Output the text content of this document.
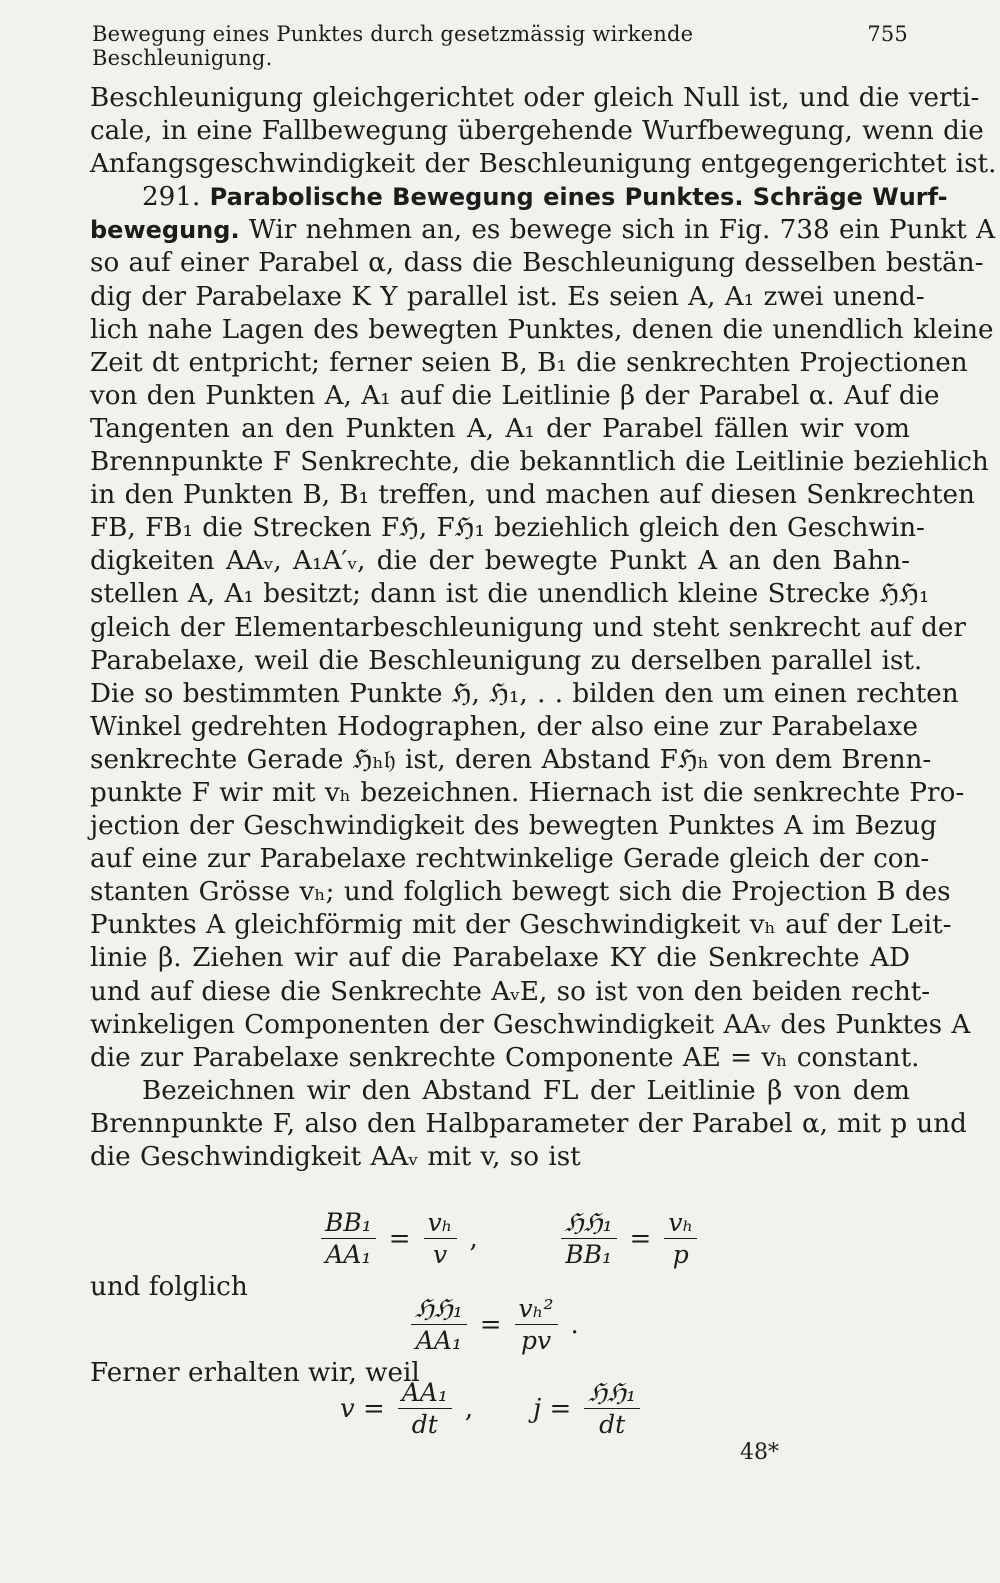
Bewegung eines Punktes durch gesetzmässig wirkende Beschleunigung.
755

Beschleunigung gleichgerichtet oder gleich Null ist, und die verti-
cale, in eine Fallbewegung übergehende Wurfbewegung, wenn die
Anfangsgeschwindigkeit der Beschleunigung entgegengerichtet ist.

291. Parabolische Bewegung eines Punktes. Schräge Wurf-
bewegung. Wir nehmen an, es bewege sich in Fig. 738 ein Punkt A
so auf einer Parabel α, dass die Beschleunigung desselben bestän-
dig der Parabelaxe K Y parallel ist. Es seien A, A₁ zwei unend-
lich nahe Lagen des bewegten Punktes, denen die unendlich kleine
Zeit dt entpricht; ferner seien B, B₁ die senkrechten Projectionen
von den Punkten A, A₁ auf die Leitlinie β der Parabel α. Auf die
Tangenten an den Punkten A, A₁ der Parabel fällen wir vom
Brennpunkte F Senkrechte, die bekanntlich die Leitlinie beziehlich
in den Punkten B, B₁ treffen, und machen auf diesen Senkrechten
FB, FB₁ die Strecken Fℌ, Fℌ₁ beziehlich gleich den Geschwin-
digkeiten AAᵥ, A₁A′ᵥ, die der bewegte Punkt A an den Bahn-
stellen A, A₁ besitzt; dann ist die unendlich kleine Strecke ℌℌ₁
gleich der Elementarbeschleunigung und steht senkrecht auf der
Parabelaxe, weil die Beschleunigung zu derselben parallel ist.
Die so bestimmten Punkte ℌ, ℌ₁, . . bilden den um einen rechten
Winkel gedrehten Hodographen, der also eine zur Parabelaxe
senkrechte Gerade ℌₕ𝔥 ist, deren Abstand Fℌₕ von dem Brenn-
punkte F wir mit vₕ bezeichnen. Hiernach ist die senkrechte Pro-
jection der Geschwindigkeit des bewegten Punktes A im Bezug
auf eine zur Parabelaxe rechtwinkelige Gerade gleich der con-
stanten Grösse vₕ; und folglich bewegt sich die Projection B des
Punktes A gleichförmig mit der Geschwindigkeit vₕ auf der Leit-
linie β. Ziehen wir auf die Parabelaxe KY die Senkrechte AD
und auf diese die Senkrechte AᵥE, so ist von den beiden recht-
winkeligen Componenten der Geschwindigkeit AAᵥ des Punktes A
die zur Parabelaxe senkrechte Componente AE = vₕ constant.

Bezeichnen wir den Abstand FL der Leitlinie β von dem
Brennpunkte F, also den Halbparameter der Parabel α, mit p und
die Geschwindigkeit AAᵥ mit v, so ist

$\frac{\text{BB₁}}{\text{AA₁}} = \frac{\text{vₕ}}{v}$ ,	$\frac{\text{ℌℌ₁}}{\text{BB₁}} = \frac{\text{vₕ}}{p}$
und folglich
$\frac{\text{ℌℌ₁}}{\text{AA₁}} = \frac{\text{vₕ²}}{pv}$ .
Ferner erhalten wir, weil
$v = \frac{\text{AA₁}}{dt}$ , $j = \frac{\text{ℌℌ₁}}{dt}$
48*
